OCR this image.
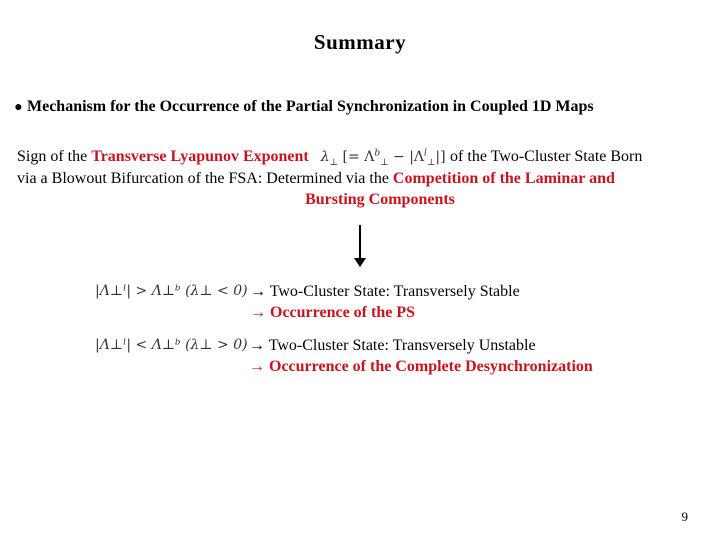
Summary
● Mechanism for the Occurrence of the Partial Synchronization in Coupled 1D Maps
Sign of the Transverse Lyapunov Exponent $\lambda_\perp$ [= $\Lambda^b_\perp - |\Lambda^l_\perp|$] of the Two-Cluster State Born
via a Blowout Bifurcation of the FSA: Determined via the Competition of the Laminar and
Bursting Components
|Λ⊥ˡ| > Λ⊥ᵇ (λ⊥ < 0) → Two-Cluster State: Transversely Stable
→ Occurrence of the PS
|Λ⊥ˡ| < Λ⊥ᵇ (λ⊥ > 0) → Two-Cluster State: Transversely Unstable
→ Occurrence of the Complete Desynchronization
9
